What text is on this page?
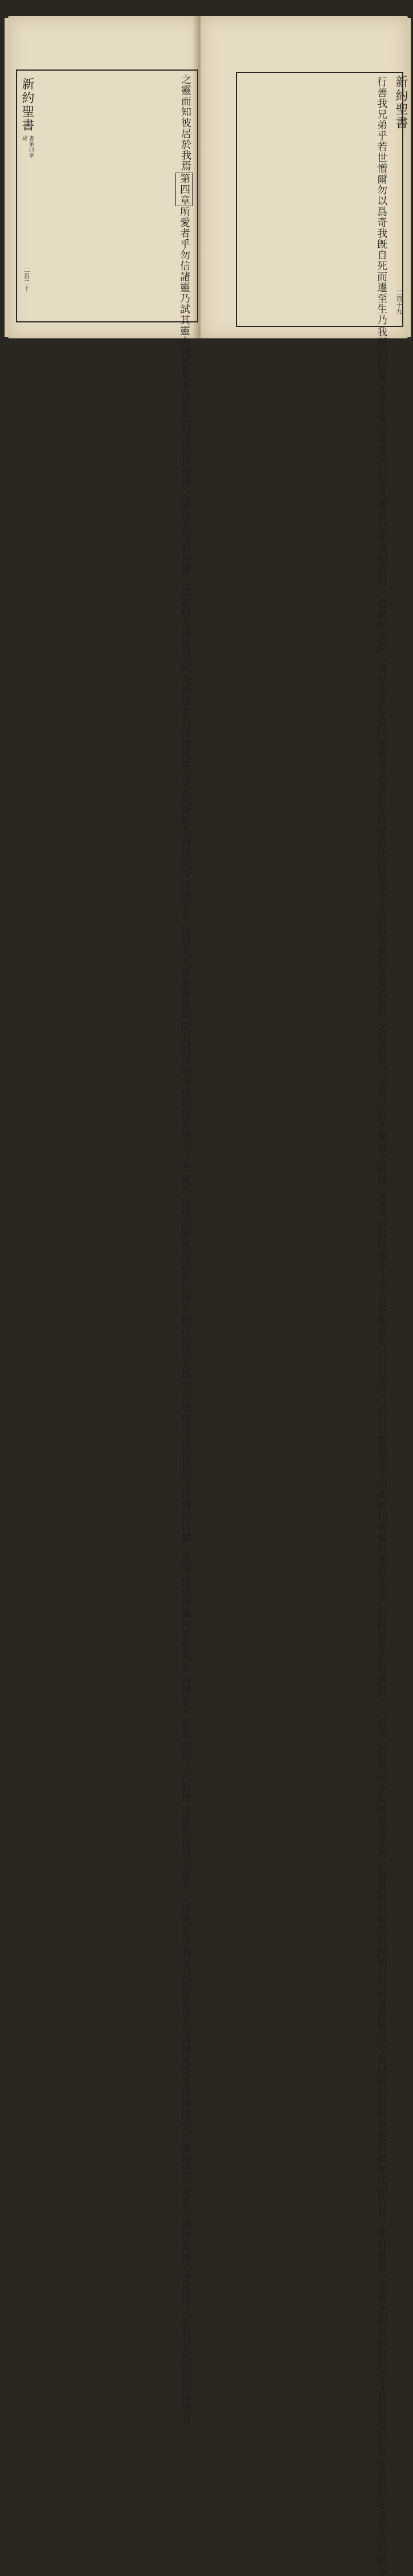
之靈而知彼居於我焉
第四章所愛者乎勿信諸靈乃試其靈由神否蓋多有僞先
知出於世也神之靈由此可知凡靈之認耶穌基督曾以肉
身而臨者乃由神凡靈之不認耶穌基督以肉身而臨者非
由神此乃敵基督爾所聞其將至而今在於世者也小子乎
爾乃由神而勝彼等因在於爾者較在於世者爲愈大也
彼等由於世故言世情而世聽之我等由於神識神者聽我非
由神者不聽我由此可知眞理之靈與迷謬之靈矣○所愛
者乎我等宜相愛蓋愛乃由神凡愛者由神而生且識神也
不愛者不識神蓋神乃愛也神之愛我於此而顯即神遣其
新約聖書
疑 書第四章
二百二十	行善我兄弟乎若世憎爾勿以爲奇我旣自死而遷至生乃
我所知因愛兄弟不愛兄弟者居於死凡憎其兄弟者卽爲
殺人也爾知凡殺人者無永生存其內也彼爲我等捐生則
愛由此而見我等亦宜爲兄弟捐生焉若有世之財者見兄
弟窮乏而不憐恤之則神之愛豈居其內哉小子乎我等相
愛勿以言以舌乃以行以實也我等由此而知我屬眞理且
安我心於神前若心自責神乃大於我心而無所不知所愛
者乎若心無責則可毅然於神前且得所求於彼因守其誡
而行其所悅也其誡如此卽信其子耶穌基督之名彼此相
愛如其所命守其誡者居於彼而彼居於此我等由所賜我
新約聖書
二百十九
